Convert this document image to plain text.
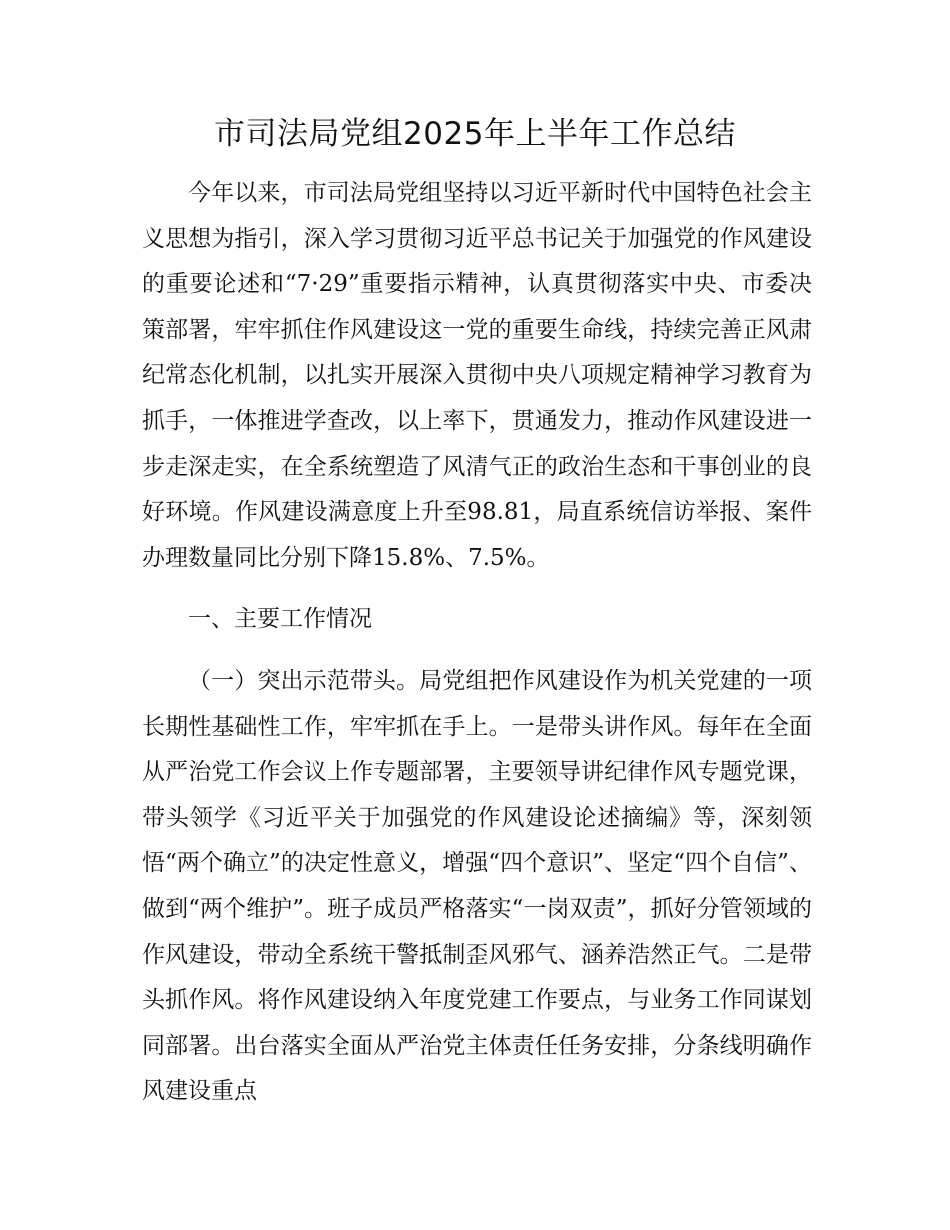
市司法局党组2025年上半年工作总结

今年以来，市司法局党组坚持以习近平新时代中国特色社会主义思想为指引，深入学习贯彻习近平总书记关于加强党的作风建设的重要论述和“7·29”重要指示精神，认真贯彻落实中央、市委决策部署，牢牢抓住作风建设这一党的重要生命线，持续完善正风肃纪常态化机制，以扎实开展深入贯彻中央八项规定精神学习教育为抓手，一体推进学查改，以上率下，贯通发力，推动作风建设进一步走深走实，在全系统塑造了风清气正的政治生态和干事创业的良好环境。作风建设满意度上升至98.81，局直系统信访举报、案件办理数量同比分别下降15.8%、7.5%。

一、主要工作情况

（一）突出示范带头。局党组把作风建设作为机关党建的一项长期性基础性工作，牢牢抓在手上。一是带头讲作风。每年在全面从严治党工作会议上作专题部署，主要领导讲纪律作风专题党课，带头领学《习近平关于加强党的作风建设论述摘编》等，深刻领悟“两个确立”的决定性意义，增强“四个意识”、坚定“四个自信”、做到“两个维护”。班子成员严格落实“一岗双责”，抓好分管领域的作风建设，带动全系统干警抵制歪风邪气、涵养浩然正气。二是带头抓作风。将作风建设纳入年度党建工作要点，与业务工作同谋划同部署。出台落实全面从严治党主体责任任务安排，分条线明确作风建设重点
